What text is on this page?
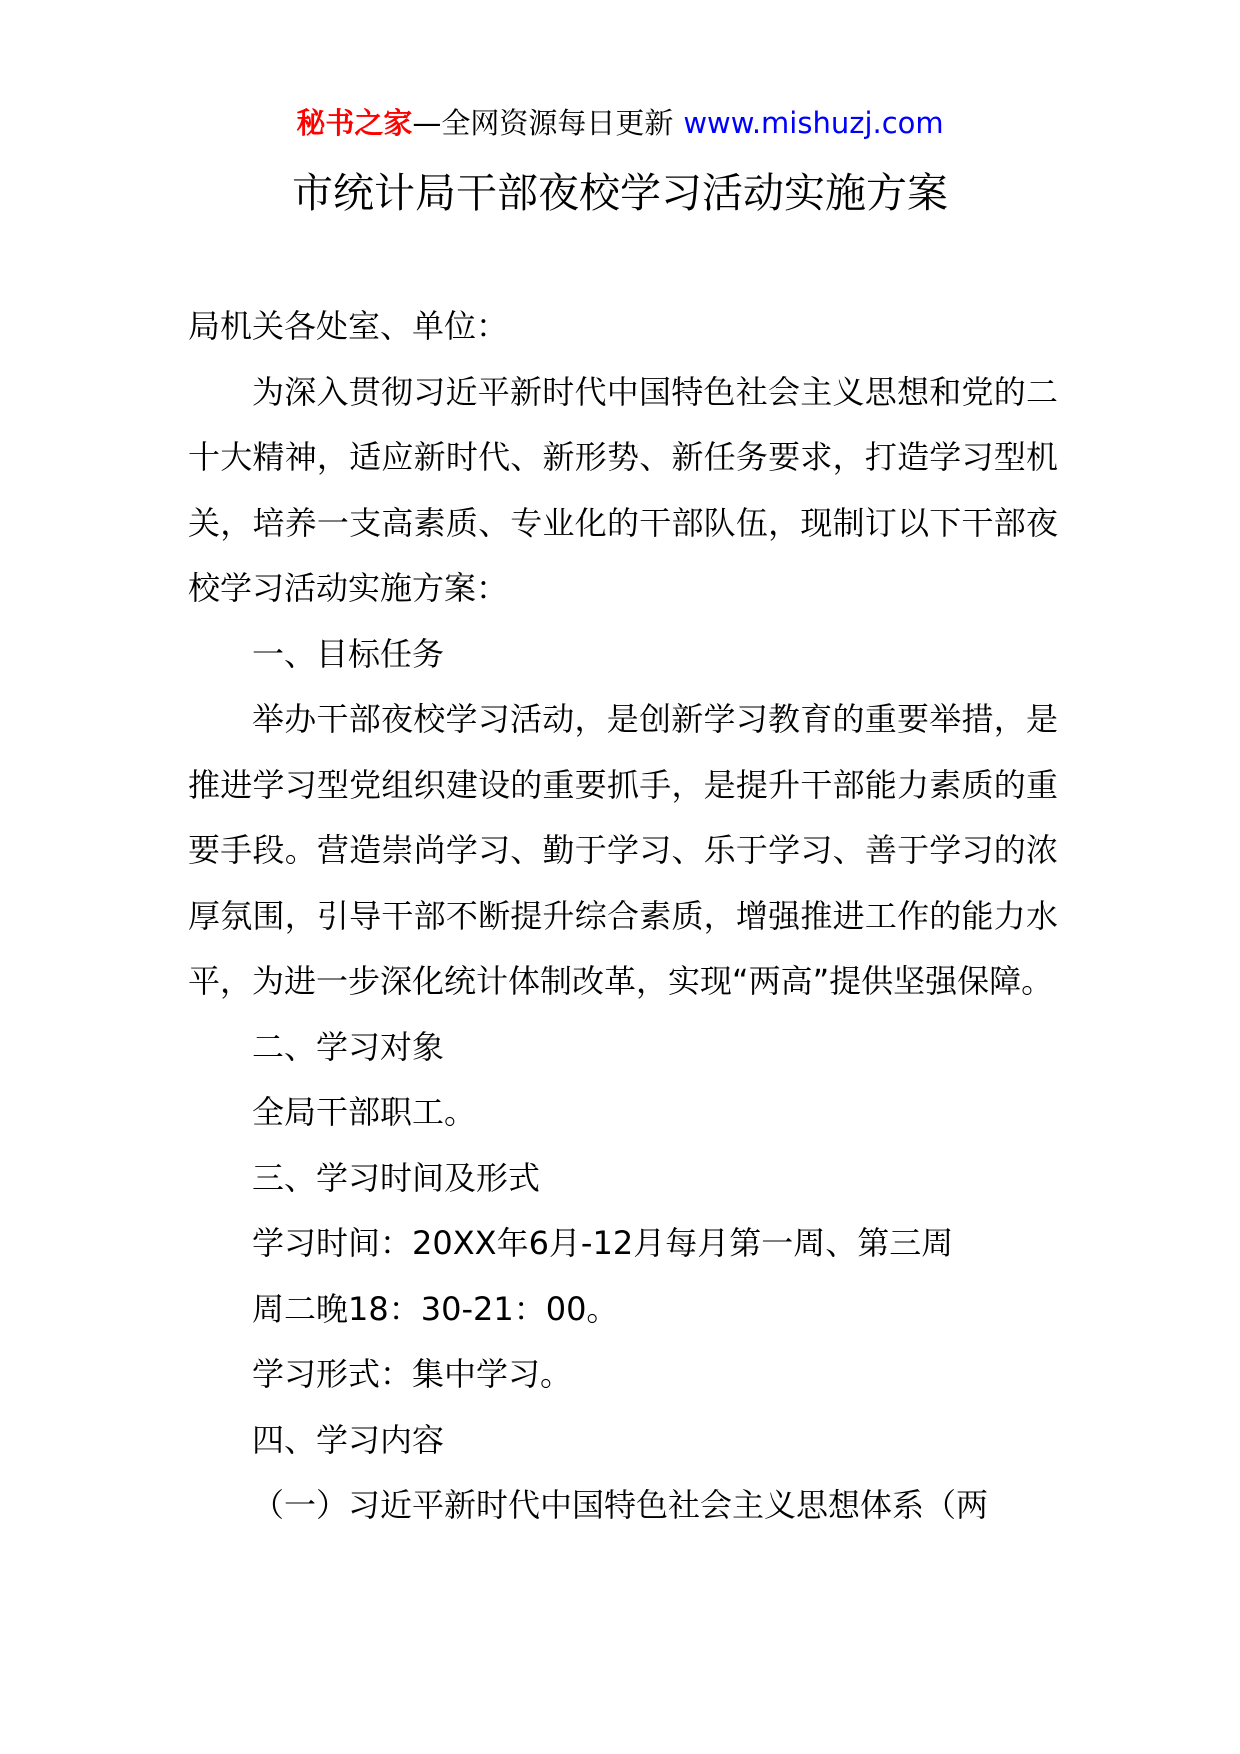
秘书之家—全网资源每日更新 www.mishuzj.com
市统计局干部夜校学习活动实施方案

局机关各处室、单位：

为深入贯彻习近平新时代中国特色社会主义思想和党的二十大精神，适应新时代、新形势、新任务要求，打造学习型机关，培养一支高素质、专业化的干部队伍，现制订以下干部夜校学习活动实施方案：

一、目标任务

举办干部夜校学习活动，是创新学习教育的重要举措，是推进学习型党组织建设的重要抓手，是提升干部能力素质的重要手段。营造崇尚学习、勤于学习、乐于学习、善于学习的浓厚氛围，引导干部不断提升综合素质，增强推进工作的能力水平，为进一步深化统计体制改革，实现“两高”提供坚强保障。

二、学习对象

全局干部职工。

三、学习时间及形式

学习时间：20XX年6月-12月每月第一周、第三周

周二晚18：30-21：00。

学习形式：集中学习。

四、学习内容

（一）习近平新时代中国特色社会主义思想体系（两
